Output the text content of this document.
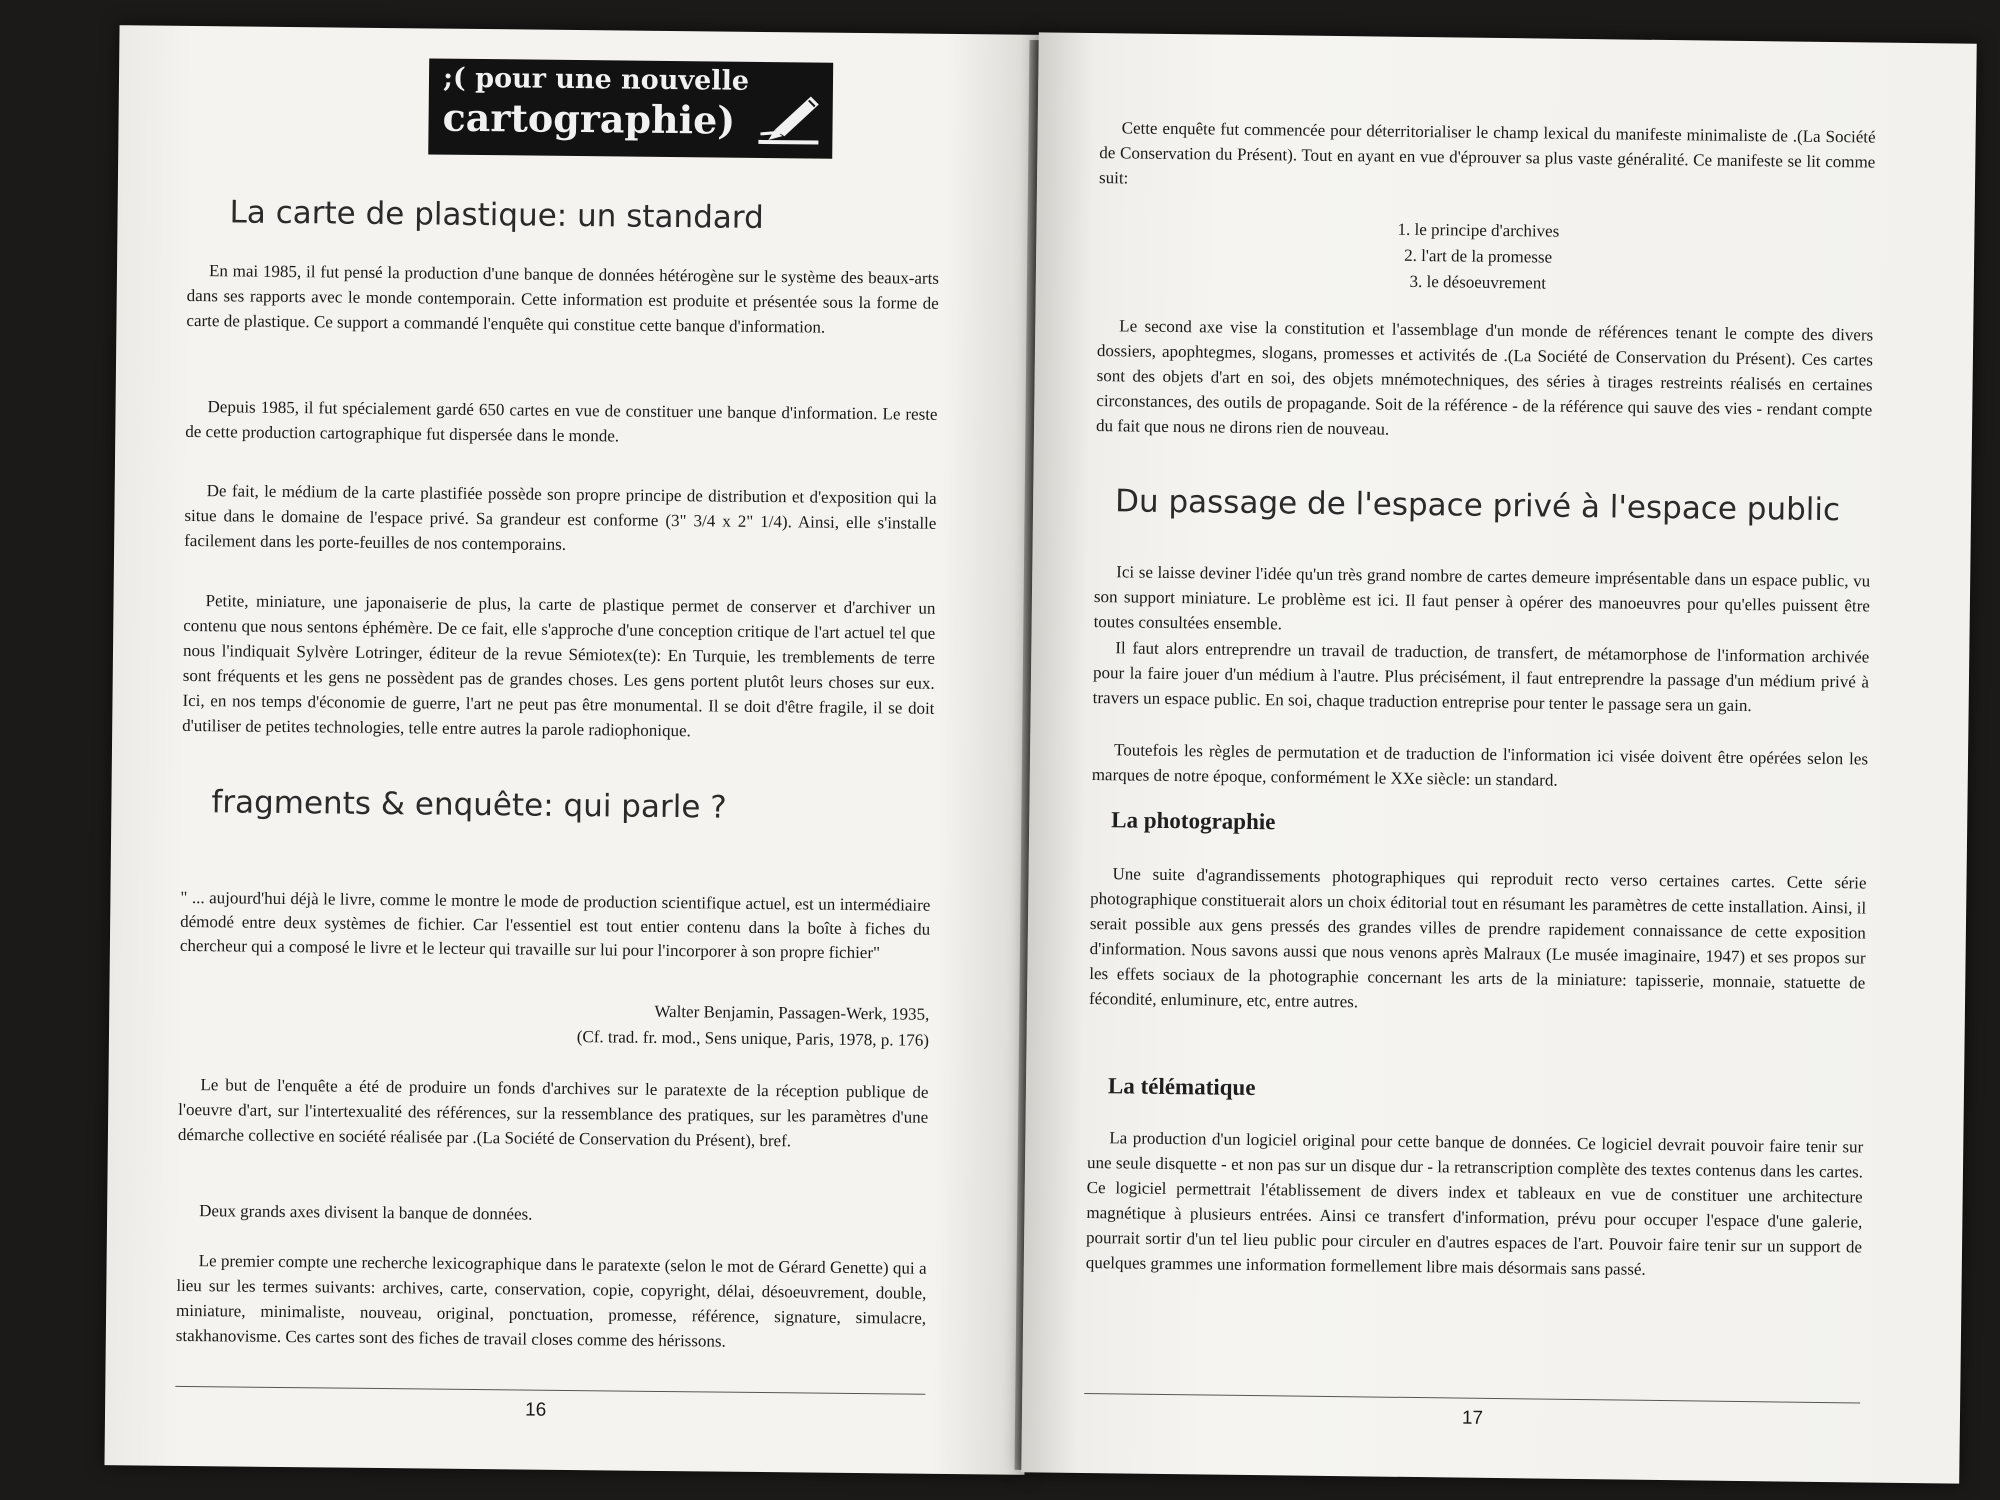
;( pour une nouvelle
cartographie)
La carte de plastique: un standard

En mai 1985, il fut pensé la production d'une banque de données hétérogène sur le système des beaux-arts dans ses rapports avec le monde contemporain. Cette information est produite et présentée sous la forme de carte de plastique. Ce support a commandé l'enquête qui constitue cette banque d'information.

Depuis 1985, il fut spécialement gardé 650 cartes en vue de constituer une banque d'information. Le reste de cette production cartographique fut dispersée dans le monde.

De fait, le médium de la carte plastifiée possède son propre principe de distribution et d'exposition qui la situe dans le domaine de l'espace privé. Sa grandeur est conforme (3" 3/4 x 2" 1/4). Ainsi, elle s'installe facilement dans les porte-feuilles de nos contemporains.

Petite, miniature, une japonaiserie de plus, la carte de plastique permet de conserver et d'archiver un contenu que nous sentons éphémère. De ce fait, elle s'approche d'une conception critique de l'art actuel tel que nous l'indiquait Sylvère Lotringer, éditeur de la revue Sémiotex(te): En Turquie, les tremblements de terre sont fréquents et les gens ne possèdent pas de grandes choses. Les gens portent plutôt leurs choses sur eux. Ici, en nos temps d'économie de guerre, l'art ne peut pas être monumental. Il se doit d'être fragile, il se doit d'utiliser de petites technologies, telle entre autres la parole radiophonique.

fragments & enquête: qui parle ?

" ... aujourd'hui déjà le livre, comme le montre le mode de production scientifique actuel, est un intermédiaire démodé entre deux systèmes de fichier. Car l'essentiel est tout entier contenu dans la boîte à fiches du chercheur qui a composé le livre et le lecteur qui travaille sur lui pour l'incorporer à son propre fichier"

Walter Benjamin, Passagen-Werk, 1935,

(Cf. trad. fr. mod., Sens unique, Paris, 1978, p. 176)

Le but de l'enquête a été de produire un fonds d'archives sur le paratexte de la réception publique de l'oeuvre d'art, sur l'intertexualité des références, sur la ressemblance des pratiques, sur les paramètres d'une démarche collective en société réalisée par .(La Société de Conservation du Présent), bref.

Deux grands axes divisent la banque de données.

Le premier compte une recherche lexicographique dans le paratexte (selon le mot de Gérard Genette) qui a lieu sur les termes suivants: archives, carte, conservation, copie, copyright, délai, désoeuvrement, double, miniature, minimaliste, nouveau, original, ponctuation, promesse, référence, signature, simulacre, stakhanovisme. Ces cartes sont des fiches de travail closes comme des hérissons.

16

Cette enquête fut commencée pour déterritorialiser le champ lexical du manifeste minimaliste de .(La Société de Conservation du Présent). Tout en ayant en vue d'éprouver sa plus vaste généralité. Ce manifeste se lit comme suit:

1. le principe d'archives
2. l'art de la promesse
3. le désoeuvrement

Le second axe vise la constitution et l'assemblage d'un monde de références tenant le compte des divers dossiers, apophtegmes, slogans, promesses et activités de .(La Société de Conservation du Présent). Ces cartes sont des objets d'art en soi, des objets mnémotechniques, des séries à tirages restreints réalisés en certaines circonstances, des outils de propagande. Soit de la référence - de la référence qui sauve des vies - rendant compte du fait que nous ne dirons rien de nouveau.

Du passage de l'espace privé à l'espace public

Ici se laisse deviner l'idée qu'un très grand nombre de cartes demeure imprésentable dans un espace public, vu son support miniature. Le problème est ici. Il faut penser à opérer des manoeuvres pour qu'elles puissent être toutes consultées ensemble.

Il faut alors entreprendre un travail de traduction, de transfert, de métamorphose de l'information archivée pour la faire jouer d'un médium à l'autre. Plus précisément, il faut entreprendre la passage d'un médium privé à travers un espace public. En soi, chaque traduction entreprise pour tenter le passage sera un gain.

Toutefois les règles de permutation et de traduction de l'information ici visée doivent être opérées selon les marques de notre époque, conformément le XXe siècle: un standard.

La photographie

Une suite d'agrandissements photographiques qui reproduit recto verso certaines cartes. Cette série photographique constituerait alors un choix éditorial tout en résumant les paramètres de cette installation. Ainsi, il serait possible aux gens pressés des grandes villes de prendre rapidement connaissance de cette exposition d'information. Nous savons aussi que nous venons après Malraux (Le musée imaginaire, 1947) et ses propos sur les effets sociaux de la photographie concernant les arts de la miniature: tapisserie, monnaie, statuette de fécondité, enluminure, etc, entre autres.

La télématique

La production d'un logiciel original pour cette banque de données. Ce logiciel devrait pouvoir faire tenir sur une seule disquette - et non pas sur un disque dur - la retranscription complète des textes contenus dans les cartes. Ce logiciel permettrait l'établissement de divers index et tableaux en vue de constituer une architecture magnétique à plusieurs entrées. Ainsi ce transfert d'information, prévu pour occuper l'espace d'une galerie, pourrait sortir d'un tel lieu public pour circuler en d'autres espaces de l'art. Pouvoir faire tenir sur un support de quelques grammes une information formellement libre mais désormais sans passé.

17
